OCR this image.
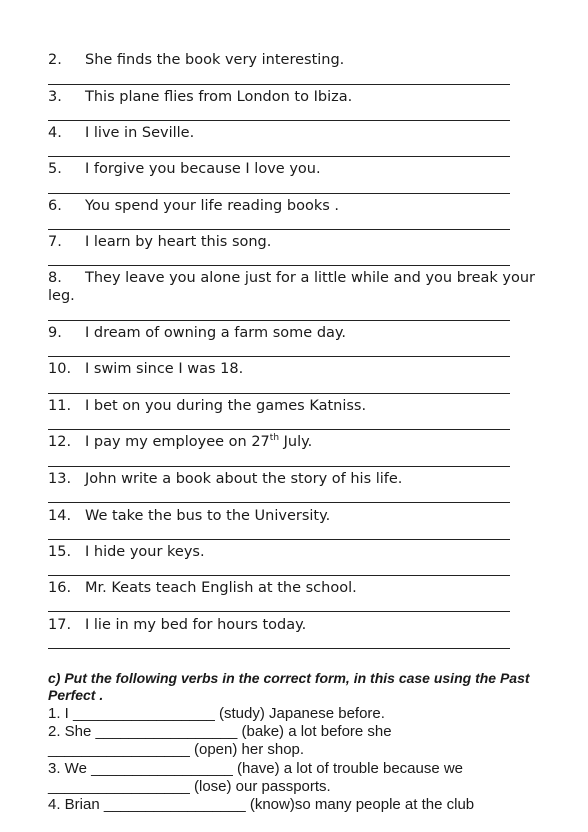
2. She finds the book very interesting.
3. This plane flies from London to Ibiza.
4. I live in Seville.
5. I forgive you because I love you.
6. You spend your life reading books .
7. I learn by heart this song.
8. They leave you alone just for a little while and you break your
leg.
9. I dream of owning a farm some day.
10. I swim since I was 18.
11. I bet on you during the games Katniss.
12. I pay my employee on 27th July.
13. John write a book about the story of his life.
14. We take the bus to the University.
15. I hide your keys.
16. Mr. Keats teach English at the school.
17. I lie in my bed for hours today.
c) Put the following verbs in the correct form, in this case using the Past
Perfect .
1. I _________________ (study) Japanese before.
2. She _________________ (bake) a lot before she
_________________ (open) her shop.
3. We _________________ (have) a lot of trouble because we
_________________ (lose) our passports.
4. Brian _________________ (know)so many people at the club
